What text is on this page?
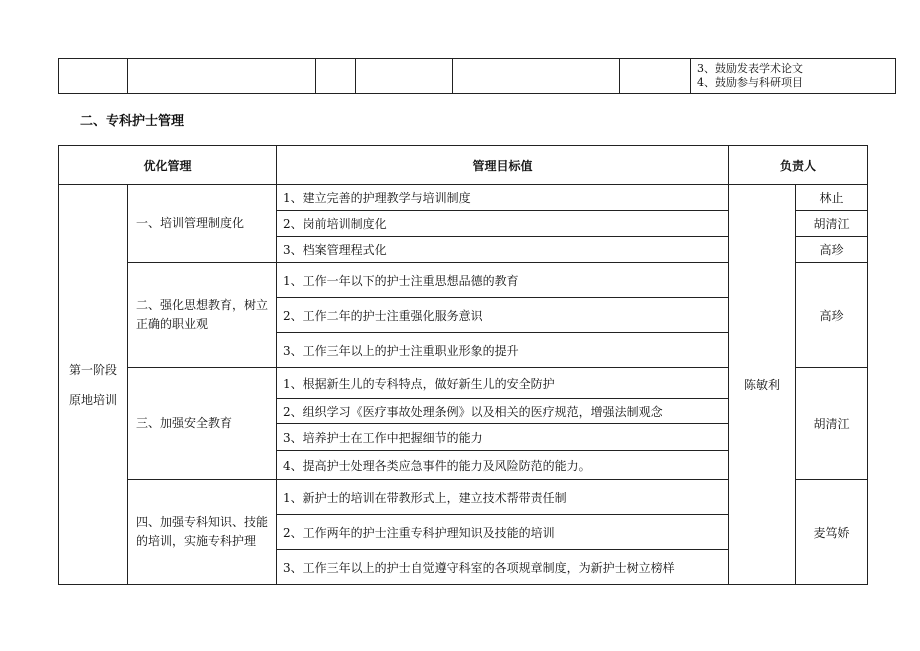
3、鼓励发表学术论文
4、鼓励参与科研项目
二、专科护士管理
优化管理		管理目标值	负责人	

第一阶段
原地培训	一、培训管理制度化	1、建立完善的护理教学与培训制度	陈敏利	林止
		2、岗前培训制度化		胡清江
		3、档案管理程式化		高珍
	二、强化思想教育，树立正确的职业观	1、工作一年以下的护士注重思想品德的教育		高珍
		2、工作二年的护士注重强化服务意识		
		3、工作三年以上的护士注重职业形象的提升		
	三、加强安全教育	1、根据新生儿的专科特点，做好新生儿的安全防护		胡清江
		2、组织学习《医疗事故处理条例》以及相关的医疗规范，增强法制观念		
		3、培养护士在工作中把握细节的能力		
		4、提高护士处理各类应急事件的能力及风险防范的能力。		
	四、加强专科知识、技能的培训，实施专科护理	1、新护士的培训在带教形式上，建立技术帮带责任制		麦笃娇
		2、工作两年的护士注重专科护理知识及技能的培训		
		3、工作三年以上的护士自觉遵守科室的各项规章制度，为新护士树立榜样		
